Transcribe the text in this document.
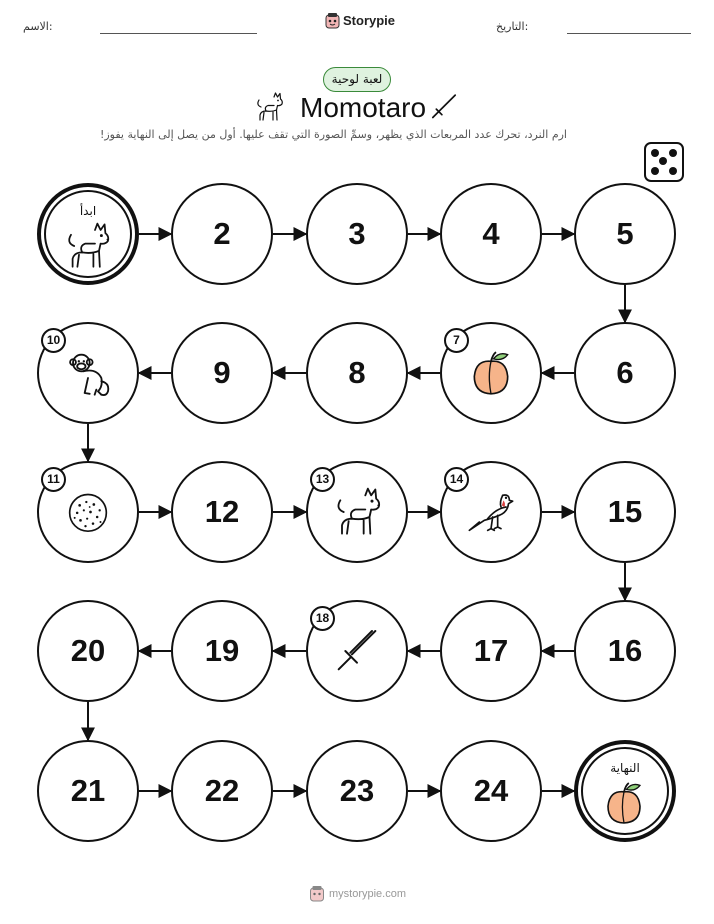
الاسم:	Storypie	التاريخ:
لعبة لوحية
Momotaro
ارم النرد، تحرك عدد المربعات الذي يظهر، وسمِّ الصورة التي تقف عليها. أول من يصل إلى النهاية يفوز!
ابدأ
2	3	4	5
6
7
8
9
10
11
12
13	14
15
16
17
18
19
20
21	22	23	24
النهاية
mystorypie.com
